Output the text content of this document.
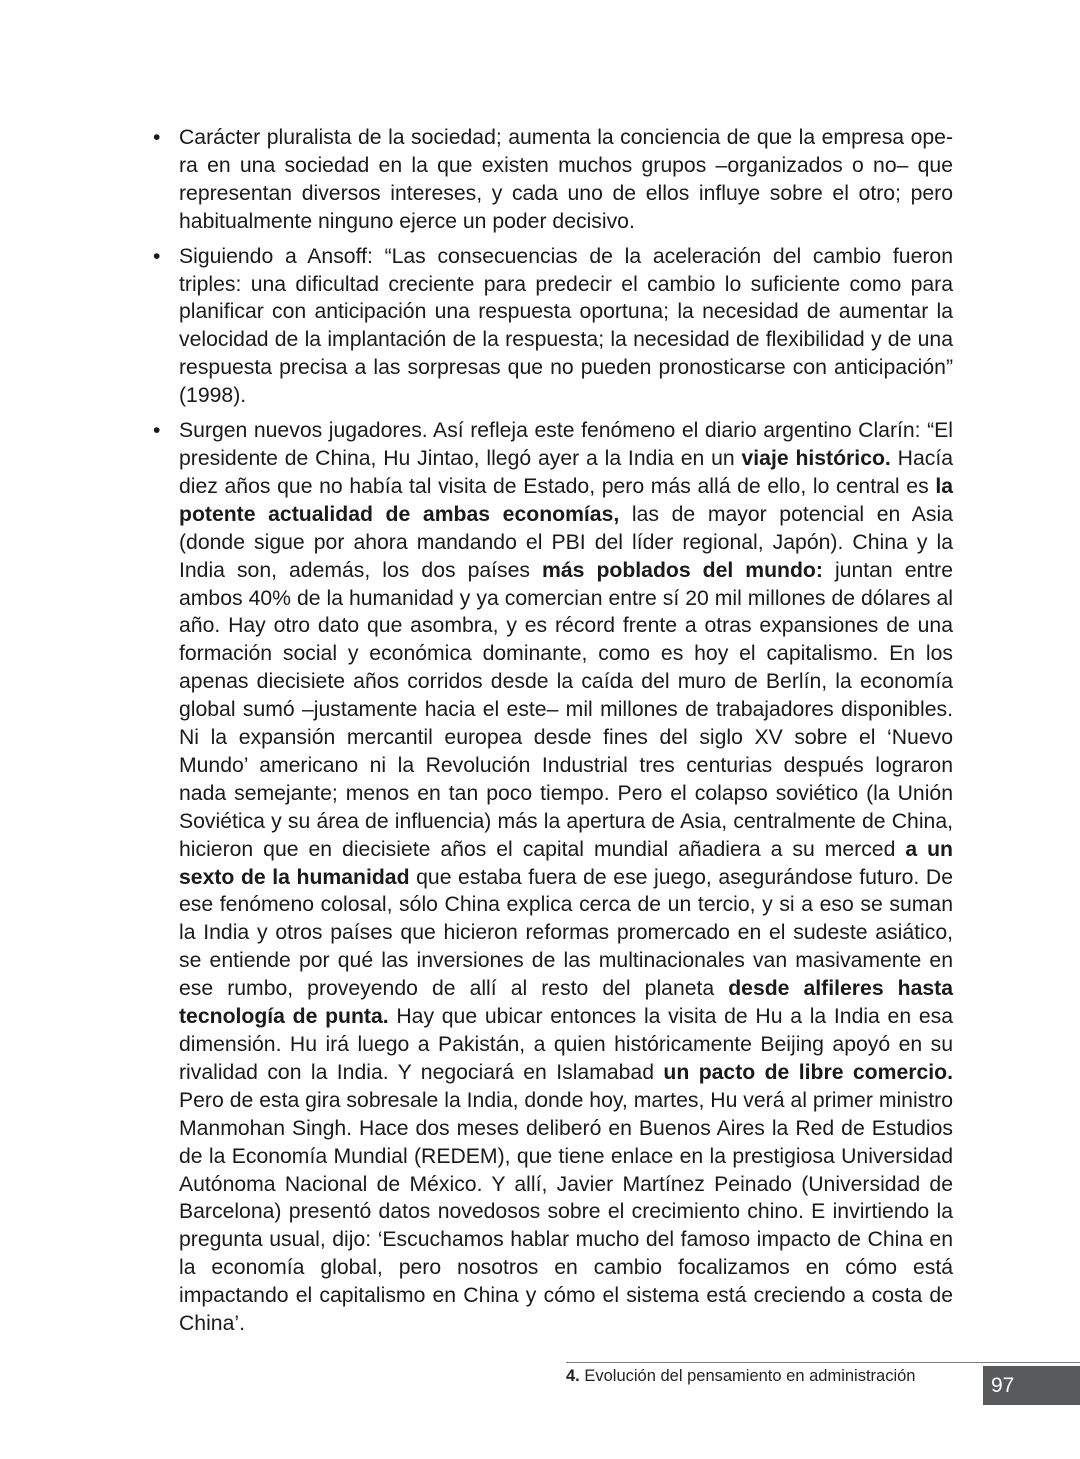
• Carácter pluralista de la sociedad; aumenta la conciencia de que la empresa opera en una sociedad en la que existen muchos grupos –organizados o no– que representan diversos intereses, y cada uno de ellos influye sobre el otro; pero habitualmente ninguno ejerce un poder decisivo.
• Siguiendo a Ansoff: “Las consecuencias de la aceleración del cambio fueron triples: una dificultad creciente para predecir el cambio lo suficiente como para planificar con anticipación una respuesta oportuna; la necesidad de aumentar la velocidad de la implantación de la respuesta; la necesidad de flexibilidad y de una respuesta precisa a las sorpresas que no pueden pronosticarse con anticipación” (1998).
• Surgen nuevos jugadores. Así refleja este fenómeno el diario argentino Clarín: “El presidente de China, Hu Jintao, llegó ayer a la India en un viaje histórico. Hacía diez años que no había tal visita de Estado, pero más allá de ello, lo central es la potente actualidad de ambas economías, las de mayor potencial en Asia (donde sigue por ahora mandando el PBI del líder regional, Japón). China y la India son, además, los dos países más poblados del mundo: juntan entre ambos 40% de la humanidad y ya comercian entre sí 20 mil millones de dólares al año. Hay otro dato que asombra, y es récord frente a otras expansiones de una formación social y económica dominante, como es hoy el capitalismo. En los apenas diecisiete años corridos desde la caída del muro de Berlín, la economía global sumó –justamente hacia el este– mil millones de trabajadores disponibles. Ni la expansión mercantil europea desde fines del siglo XV sobre el ‘Nuevo Mundo’ americano ni la Revolución Industrial tres centurias después lograron nada semejante; menos en tan poco tiempo. Pero el colapso soviético (la Unión Soviética y su área de influencia) más la apertura de Asia, centralmente de China, hicieron que en diecisiete años el capital mundial añadiera a su merced a un sexto de la humanidad que estaba fuera de ese juego, asegurándose futuro. De ese fenómeno colosal, sólo China explica cerca de un tercio, y si a eso se suman la India y otros países que hicieron reformas promercado en el sudeste asiático, se entiende por qué las inversiones de las multinacionales van masivamente en ese rumbo, proveyendo de allí al resto del planeta desde alfileres hasta tecnología de punta. Hay que ubicar entonces la visita de Hu a la India en esa dimensión. Hu irá luego a Pakistán, a quien históricamente Beijing apoyó en su rivalidad con la India. Y negociará en Islamabad un pacto de libre comercio. Pero de esta gira sobresale la India, donde hoy, martes, Hu verá al primer ministro Manmohan Singh. Hace dos meses deliberó en Buenos Aires la Red de Estudios de la Economía Mundial (REDEM), que tiene enlace en la prestigiosa Universidad Autónoma Nacional de México. Y allí, Javier Martínez Peinado (Universidad de Barcelona) presentó datos novedosos sobre el crecimiento chino. E invirtiendo la pregunta usual, dijo: ‘Escuchamos hablar mucho del famoso impacto de China en la economía global, pero nosotros en cambio focalizamos en cómo está impactando el capitalismo en China y cómo el sistema está creciendo a costa de China’.
4. Evolución del pensamiento en administración	97
